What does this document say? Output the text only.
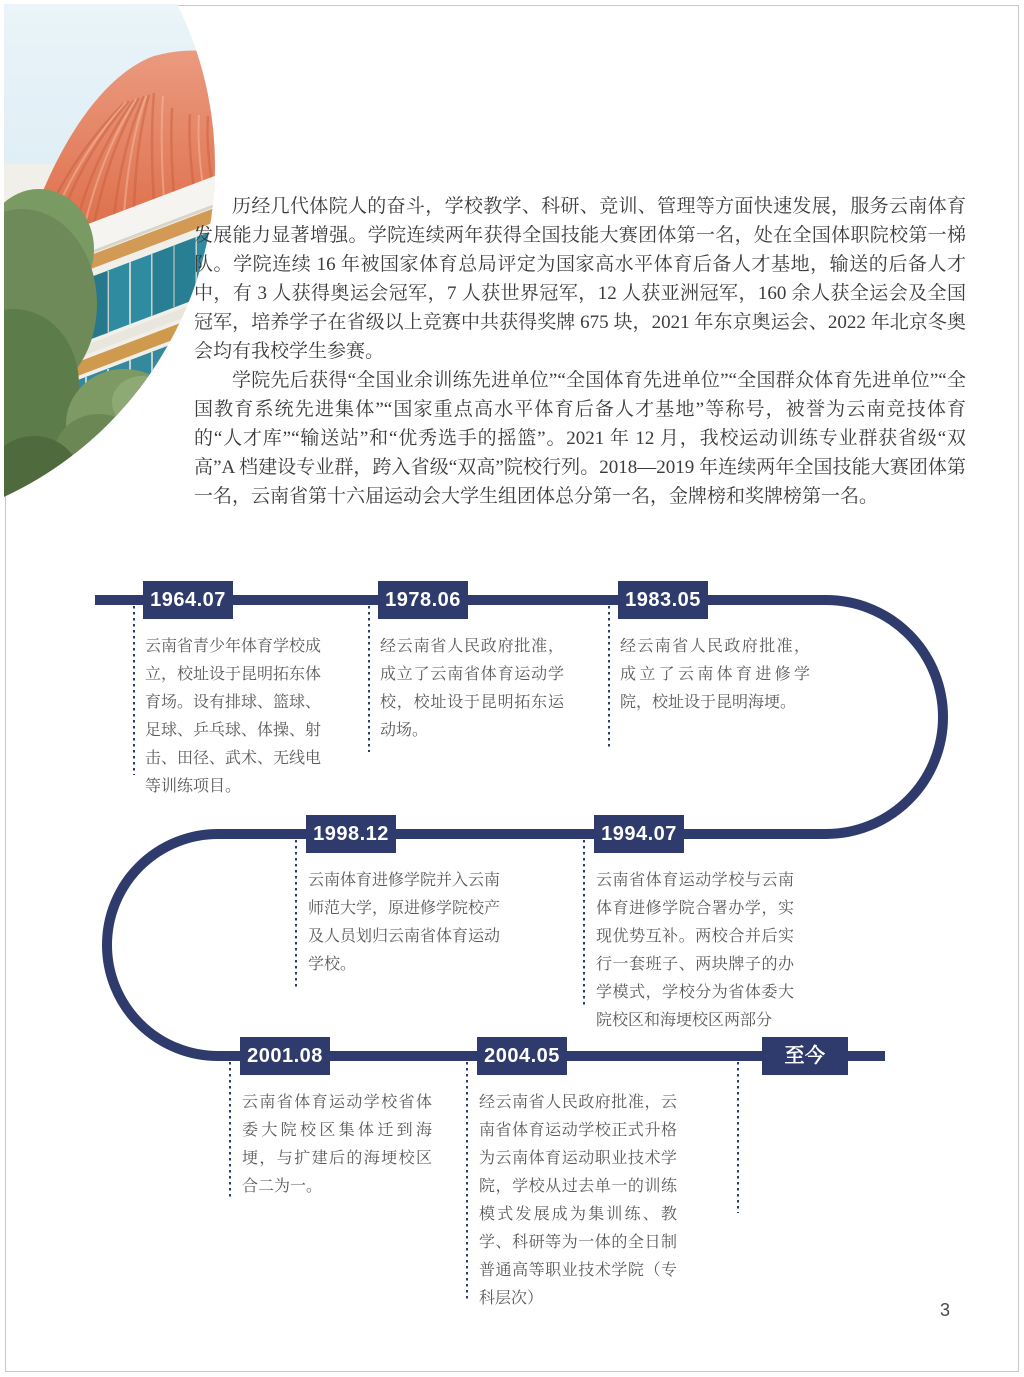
历经几代体院人的奋斗，学校教学、科研、竞训、管理等方面快速发展，服务云南体育发展能力显著增强。学院连续两年获得全国技能大赛团体第一名，处在全国体职院校第一梯队。学院连续 16 年被国家体育总局评定为国家高水平体育后备人才基地，输送的后备人才中，有 3 人获得奥运会冠军，7 人获世界冠军，12 人获亚洲冠军，160 余人获全运会及全国冠军，培养学子在省级以上竞赛中共获得奖牌 675 块，2021 年东京奥运会、2022 年北京冬奥会均有我校学生参赛。

学院先后获得“全国业余训练先进单位”“全国体育先进单位”“全国群众体育先进单位”“全国教育系统先进集体”“国家重点高水平体育后备人才基地”等称号，被誉为云南竞技体育的“人才库”“输送站”和“优秀选手的摇篮”。2021 年 12 月，我校运动训练专业群获省级“双高”A 档建设专业群，跨入省级“双高”院校行列。2018—2019 年连续两年全国技能大赛团体第一名，云南省第十六届运动会大学生组团体总分第一名，金牌榜和奖牌榜第一名。

1964.07
云南省青少年体育学校成立，校址设于昆明拓东体育场。设有排球、篮球、足球、乒乓球、体操、射击、田径、武术、无线电等训练项目。
1978.06
经云南省人民政府批准，成立了云南省体育运动学校，校址设于昆明拓东运动场。
1983.05
经云南省人民政府批准，成立了云南体育进修学院，校址设于昆明海埂。
1998.12
云南体育进修学院并入云南师范大学，原进修学院校产及人员划归云南省体育运动学校。
1994.07
云南省体育运动学校与云南体育进修学院合署办学，实现优势互补。两校合并后实行一套班子、两块牌子的办学模式，学校分为省体委大院校区和海埂校区两部分
2001.08
云南省体育运动学校省体委大院校区集体迁到海埂，与扩建后的海埂校区合二为一。
2004.05
经云南省人民政府批准，云南省体育运动学校正式升格为云南体育运动职业技术学院，学校从过去单一的训练模式发展成为集训练、教学、科研等为一体的全日制普通高等职业技术学院（专科层次）
至今
3
